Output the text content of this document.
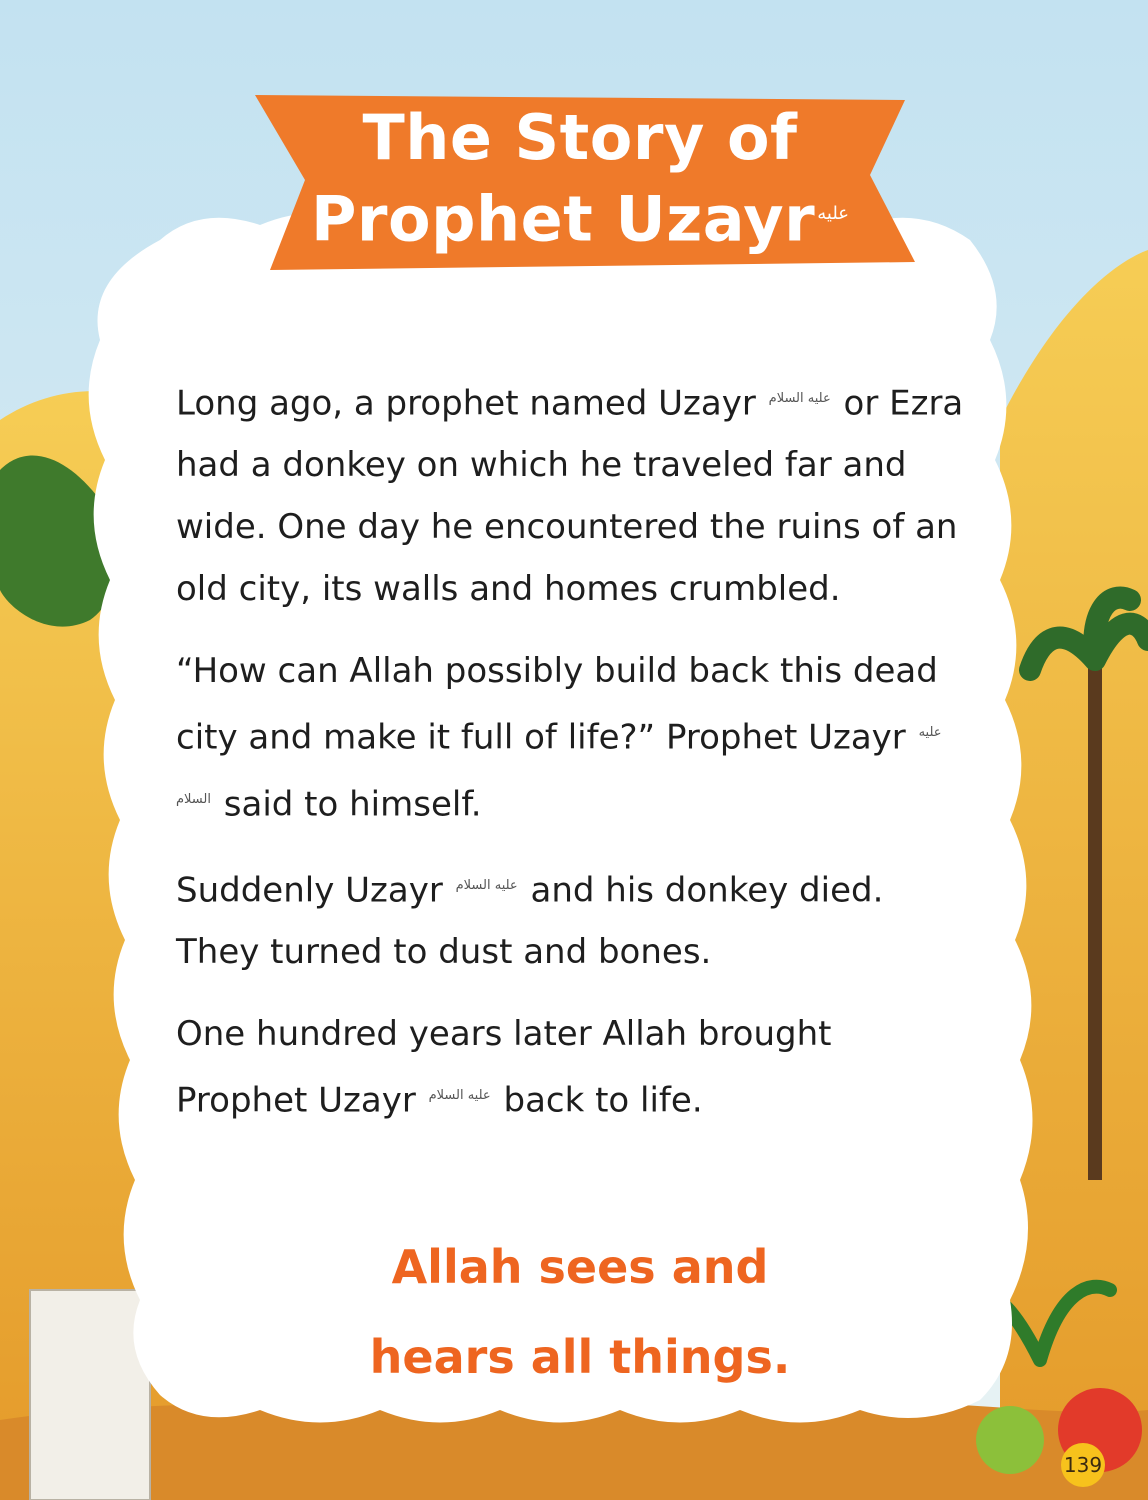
The Story of
Prophet Uzayr $^{عليه السلام}$

Long ago, a prophet named Uzayr $^{عليه السلام}$ or Ezra had a donkey on which he traveled far and wide. One day he encountered the ruins of an old city, its walls and homes crumbled.

“How can Allah possibly build back this dead city and make it full of life?” Prophet Uzayr $^{عليه السلام}$ said to himself.

Suddenly Uzayr $^{عليه السلام}$ and his donkey died. They turned to dust and bones.

One hundred years later Allah brought Prophet Uzayr $^{عليه السلام}$ back to life.

Allah sees and
hears all things.
139
